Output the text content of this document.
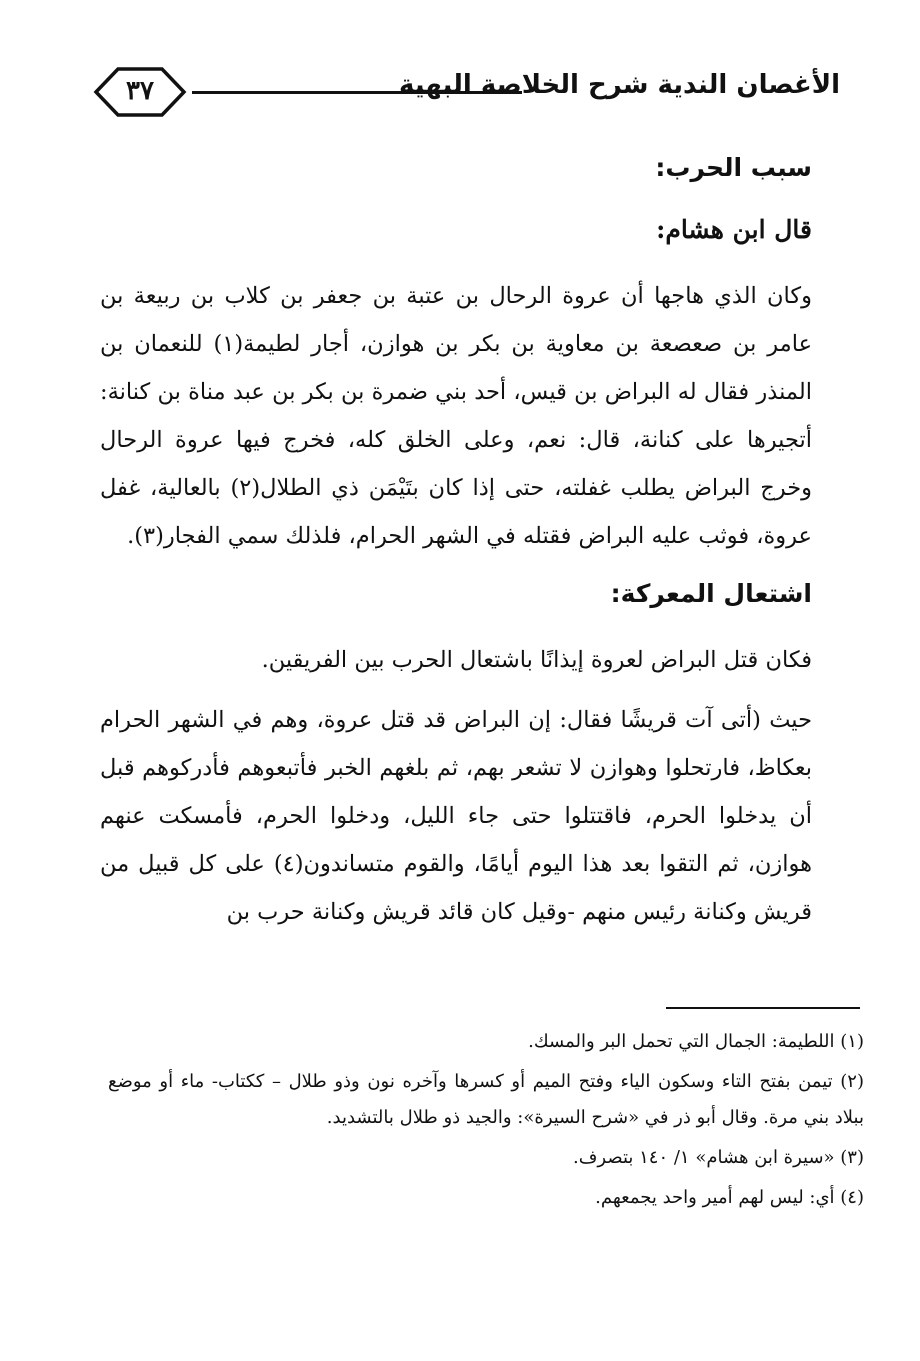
٣٧	الأغصان الندية شرح الخلاصة البهية
سبب الحرب:
قال ابن هشام:

وكان الذي هاجها أن عروة الرحال بن عتبة بن جعفر بن كلاب بن ربيعة بن عامر بن صعصعة بن معاوية بن بكر بن هوازن، أجار لطيمة(١) للنعمان بن المنذر فقال له البراض بن قيس، أحد بني ضمرة بن بكر بن عبد مناة بن كنانة: أتجيرها على كنانة، قال: نعم، وعلى الخلق كله، فخرج فيها عروة الرحال وخرج البراض يطلب غفلته، حتى إذا كان بتَيْمَن ذي الطلال(٢) بالعالية، غفل عروة، فوثب عليه البراض فقتله في الشهر الحرام، فلذلك سمي الفجار(٣).

اشتعال المعركة:

فكان قتل البراض لعروة إيذانًا باشتعال الحرب بين الفريقين.

حيث (أتى آت قريشًا فقال: إن البراض قد قتل عروة، وهم في الشهر الحرام بعكاظ، فارتحلوا وهوازن لا تشعر بهم، ثم بلغهم الخبر فأتبعوهم فأدركوهم قبل أن يدخلوا الحرم، فاقتتلوا حتى جاء الليل، ودخلوا الحرم، فأمسكت عنهم هوازن، ثم التقوا بعد هذا اليوم أيامًا، والقوم متساندون(٤) على كل قبيل من قريش وكنانة رئيس منهم -وقيل كان قائد قريش وكنانة حرب بن

(١) اللطيمة: الجمال التي تحمل البر والمسك.

(٢) تيمن بفتح التاء وسكون الياء وفتح الميم أو كسرها وآخره نون وذو طلال – ككتاب- ماء أو موضع ببلاد بني مرة. وقال أبو ذر في «شرح السيرة»: والجيد ذو طلال بالتشديد.

(٣) «سيرة ابن هشام» ١/ ١٤٠ بتصرف.

(٤) أي: ليس لهم أمير واحد يجمعهم.
